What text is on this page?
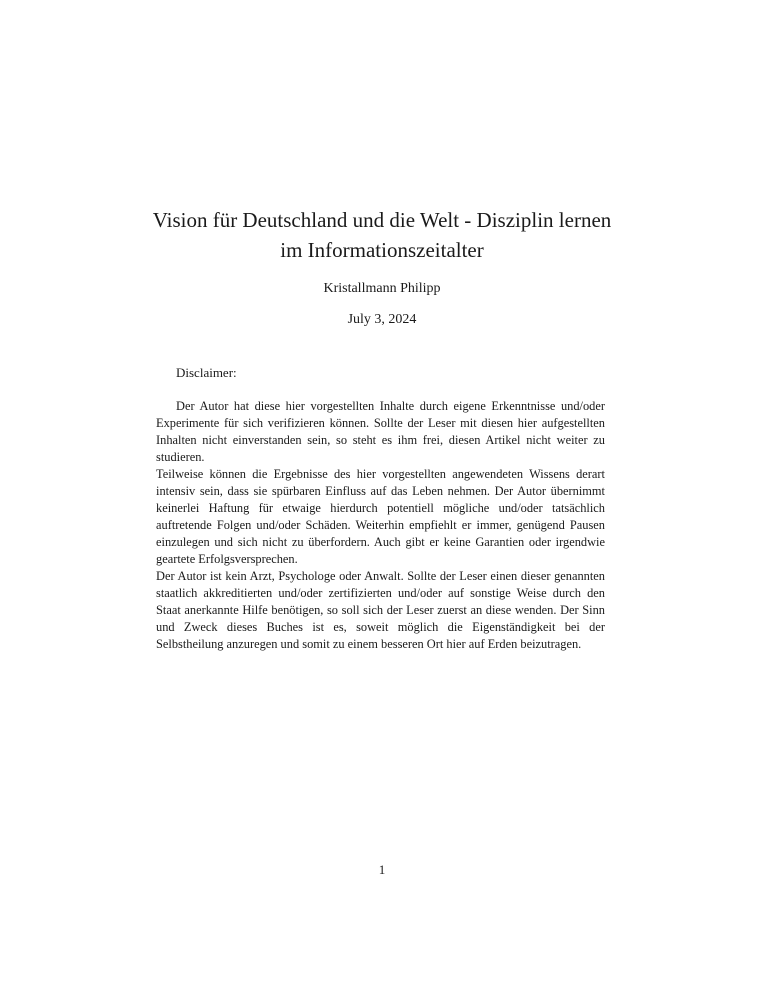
Vision für Deutschland und die Welt - Disziplin lernen im Informationszeitalter
Kristallmann Philipp
July 3, 2024
Disclaimer:

Der Autor hat diese hier vorgestellten Inhalte durch eigene Erkenntnisse und/oder Experimente für sich verifizieren können. Sollte der Leser mit diesen hier aufgestellten Inhalten nicht einverstanden sein, so steht es ihm frei, diesen Artikel nicht weiter zu studieren.

Teilweise können die Ergebnisse des hier vorgestellten angewendeten Wissens derart intensiv sein, dass sie spürbaren Einfluss auf das Leben nehmen. Der Autor übernimmt keinerlei Haftung für etwaige hierdurch potentiell mögliche und/oder tatsächlich auftretende Folgen und/oder Schäden. Weiterhin empfiehlt er immer, genügend Pausen einzulegen und sich nicht zu überfordern. Auch gibt er keine Garantien oder irgendwie geartete Erfolgsversprechen.

Der Autor ist kein Arzt, Psychologe oder Anwalt. Sollte der Leser einen dieser genannten staatlich akkreditierten und/oder zertifizierten und/oder auf sonstige Weise durch den Staat anerkannte Hilfe benötigen, so soll sich der Leser zuerst an diese wenden. Der Sinn und Zweck dieses Buches ist es, soweit möglich die Eigenständigkeit bei der Selbstheilung anzuregen und somit zu einem besseren Ort hier auf Erden beizutragen.

1
